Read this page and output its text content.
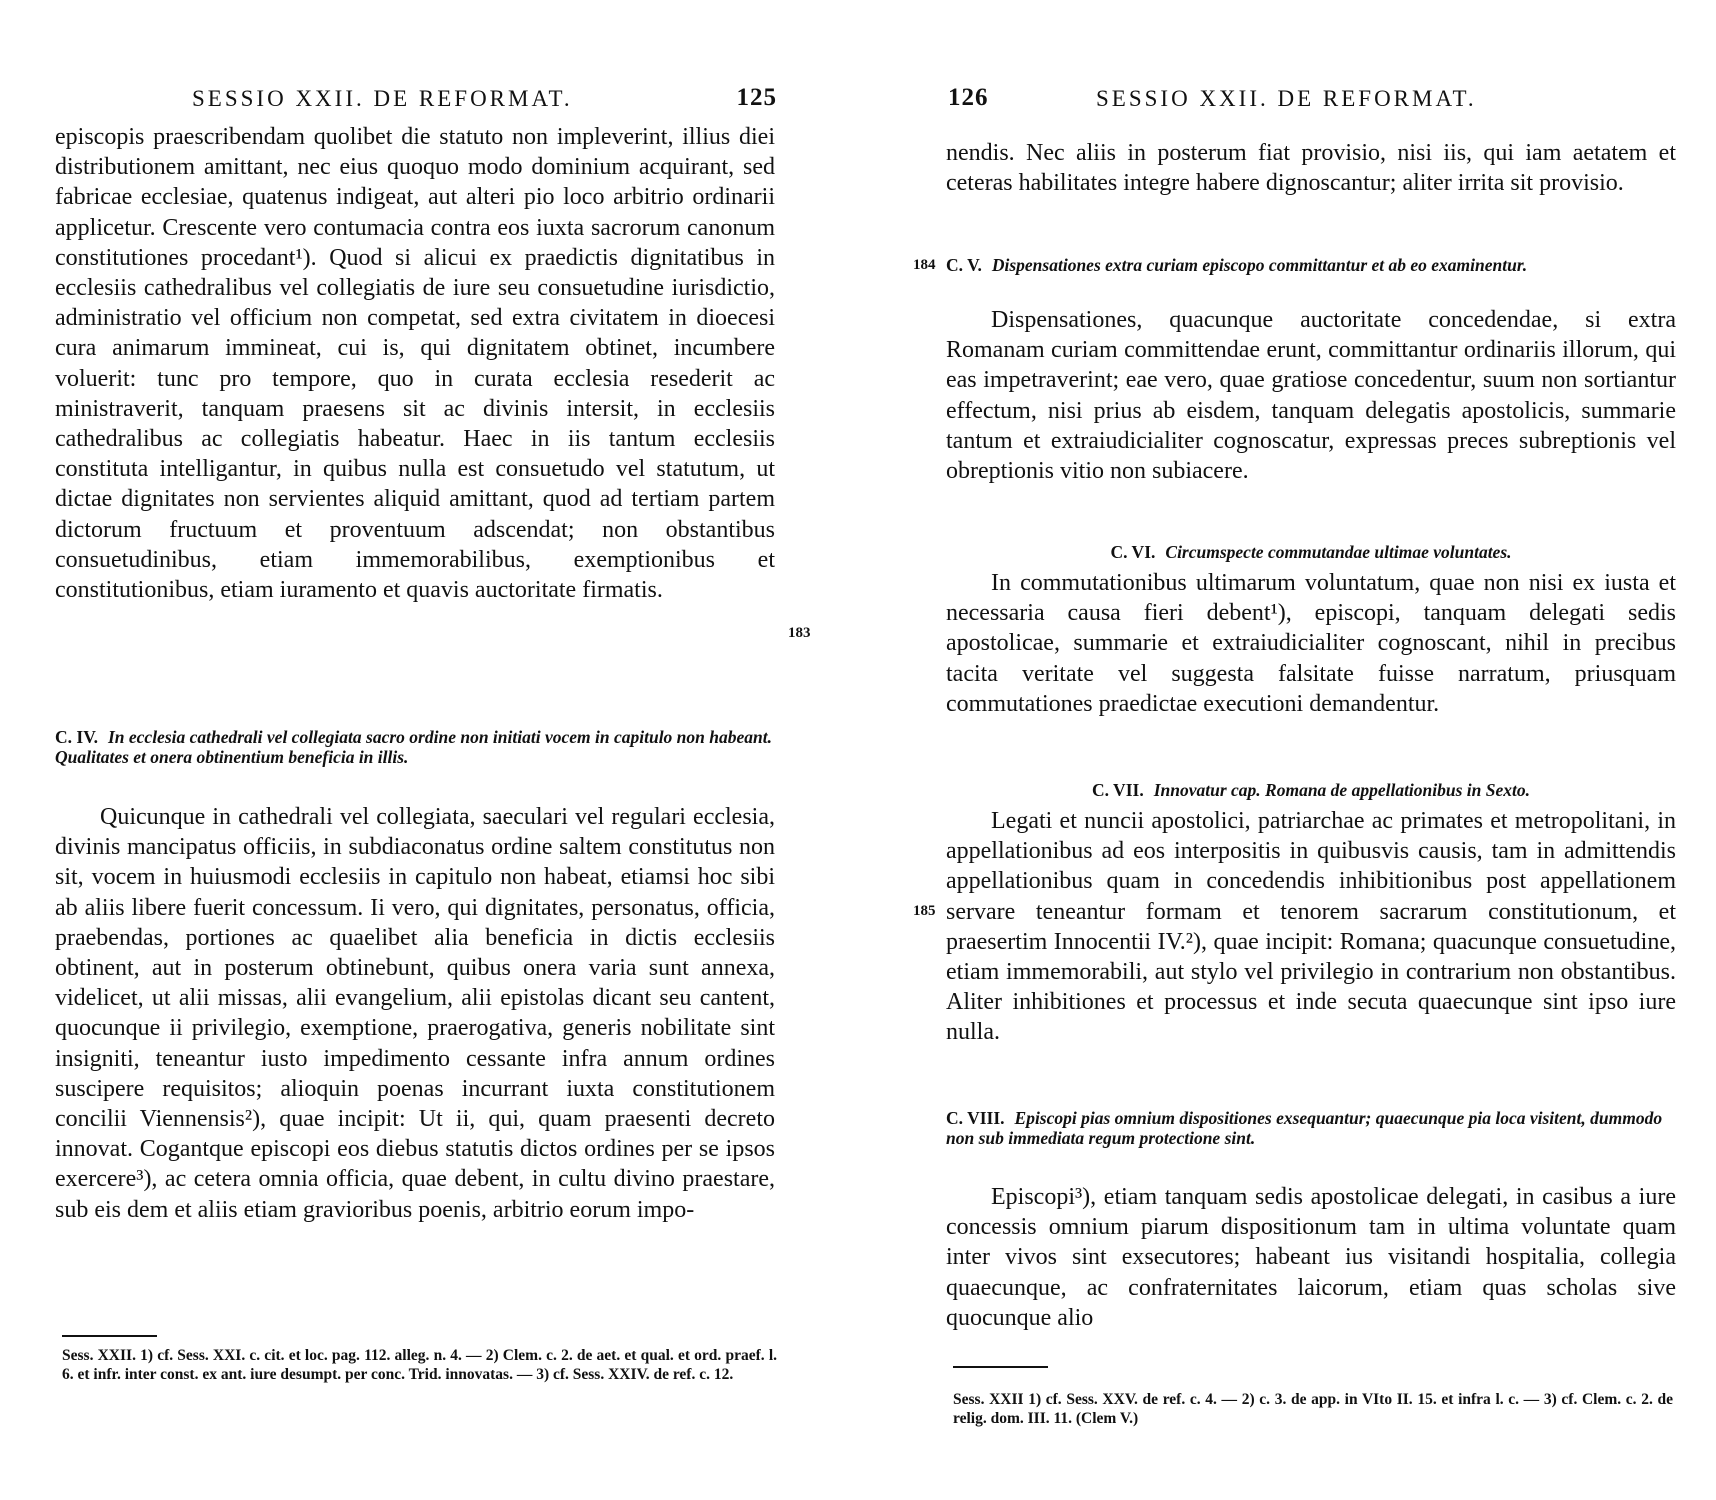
SESSIO XXII. DE REFORMAT.	125
episcopis praescribendam quolibet die statuto non impleverint, illius diei distributionem amittant, nec eius quoquo modo dominium acquirant, sed fabricae ecclesiae, quatenus indigeat, aut alteri pio loco arbitrio ordinarii applicetur. Crescente vero contumacia contra eos iuxta sacrorum canonum constitutiones procedant¹). Quod si alicui ex praedictis dignitatibus in ecclesiis cathedralibus vel collegiatis de iure seu consuetudine iurisdictio, administratio vel officium non competat, sed extra civitatem in dioecesi cura animarum immineat, cui is, qui dignitatem obtinet, incumbere voluerit: tunc pro tempore, quo in curata ecclesia resederit ac ministraverit, tanquam praesens sit ac divinis intersit, in ecclesiis cathedralibus ac collegiatis habeatur. Haec in iis tantum ecclesiis constituta intelligantur, in quibus nulla est consuetudo vel statutum, ut dictae dignitates non servientes aliquid amittant, quod ad tertiam partem dictorum fructuum et proventuum adscendat; non obstantibus consuetudinibus, etiam immemorabilibus, exemptionibus et constitutionibus, etiam iuramento et quavis auctoritate firmatis.
183
C. IV. In ecclesia cathedrali vel collegiata sacro ordine non initiati vocem in capitulo non habeant. Qualitates et onera obtinentium beneficia in illis.
Quicunque in cathedrali vel collegiata, saeculari vel regulari ecclesia, divinis mancipatus officiis, in subdiaconatus ordine saltem constitutus non sit, vocem in huiusmodi ecclesiis in capitulo non habeat, etiamsi hoc sibi ab aliis libere fuerit concessum. Ii vero, qui dignitates, personatus, officia, praebendas, portiones ac quaelibet alia beneficia in dictis ecclesiis obtinent, aut in posterum obtinebunt, quibus onera varia sunt annexa, videlicet, ut alii missas, alii evangelium, alii epistolas dicant seu cantent, quocunque ii privilegio, exemptione, praerogativa, generis nobilitate sint insigniti, teneantur iusto impedimento cessante infra annum ordines suscipere requisitos; alioquin poenas incurrant iuxta constitutionem concilii Viennensis²), quae incipit: Ut ii, qui, quam praesenti decreto innovat. Cogantque episcopi eos diebus statutis dictos ordines per se ipsos exercere³), ac cetera omnia officia, quae debent, in cultu divino praestare, sub eis dem et aliis etiam gravioribus poenis, arbitrio eorum impo-
Sess. XXII. 1) cf. Sess. XXI. c. cit. et loc. pag. 112. alleg. n. 4. — 2) Clem. c. 2. de aet. et qual. et ord. praef. l. 6. et infr. inter const. ex ant. iure desumpt. per conc. Trid. innovatas. — 3) cf. Sess. XXIV. de ref. c. 12.
126	SESSIO XXII. DE REFORMAT.
nendis. Nec aliis in posterum fiat provisio, nisi iis, qui iam aetatem et ceteras habilitates integre habere dignoscantur; aliter irrita sit provisio.
184 C. V. Dispensationes extra curiam episcopo committantur et ab eo examinentur.
Dispensationes, quacunque auctoritate concedendae, si extra Romanam curiam committendae erunt, committantur ordinariis illorum, qui eas impetraverint; eae vero, quae gratiose concedentur, suum non sortiantur effectum, nisi prius ab eisdem, tanquam delegatis apostolicis, summarie tantum et extraiudicialiter cognoscatur, expressas preces subreptionis vel obreptionis vitio non subiacere.
C. VI. Circumspecte commutandae ultimae voluntates.
In commutationibus ultimarum voluntatum, quae non nisi ex iusta et necessaria causa fieri debent¹), episcopi, tanquam delegati sedis apostolicae, summarie et extraiudicialiter cognoscant, nihil in precibus tacita veritate vel suggesta falsitate fuisse narratum, priusquam commutationes praedictae executioni demandentur.
C. VII. Innovatur cap. Romana de appellationibus in Sexto.
Legati et nuncii apostolici, patriarchae ac primates et metropolitani, in appellationibus ad eos interpositis in quibusvis causis, tam in admittendis appellationibus quam in concedendis inhibitionibus post appellationem servare teneantur formam et tenorem sacrarum constitutionum, et praesertim Innocentii IV.²), quae incipit: Romana; quacunque consuetudine, etiam immemorabili, aut stylo vel privilegio in contrarium non obstantibus. Aliter inhibitiones et processus et inde secuta quaecunque sint ipso iure nulla.
185
C. VIII. Episcopi pias omnium dispositiones exsequantur; quaecunque pia loca visitent, dummodo non sub immediata regum protectione sint.
Episcopi³), etiam tanquam sedis apostolicae delegati, in casibus a iure concessis omnium piarum dispositionum tam in ultima voluntate quam inter vivos sint exsecutores; habeant ius visitandi hospitalia, collegia quaecunque, ac confraternitates laicorum, etiam quas scholas sive quocunque alio
Sess. XXII 1) cf. Sess. XXV. de ref. c. 4. — 2) c. 3. de app. in VIto II. 15. et infra l. c. — 3) cf. Clem. c. 2. de relig. dom. III. 11. (Clem V.)
